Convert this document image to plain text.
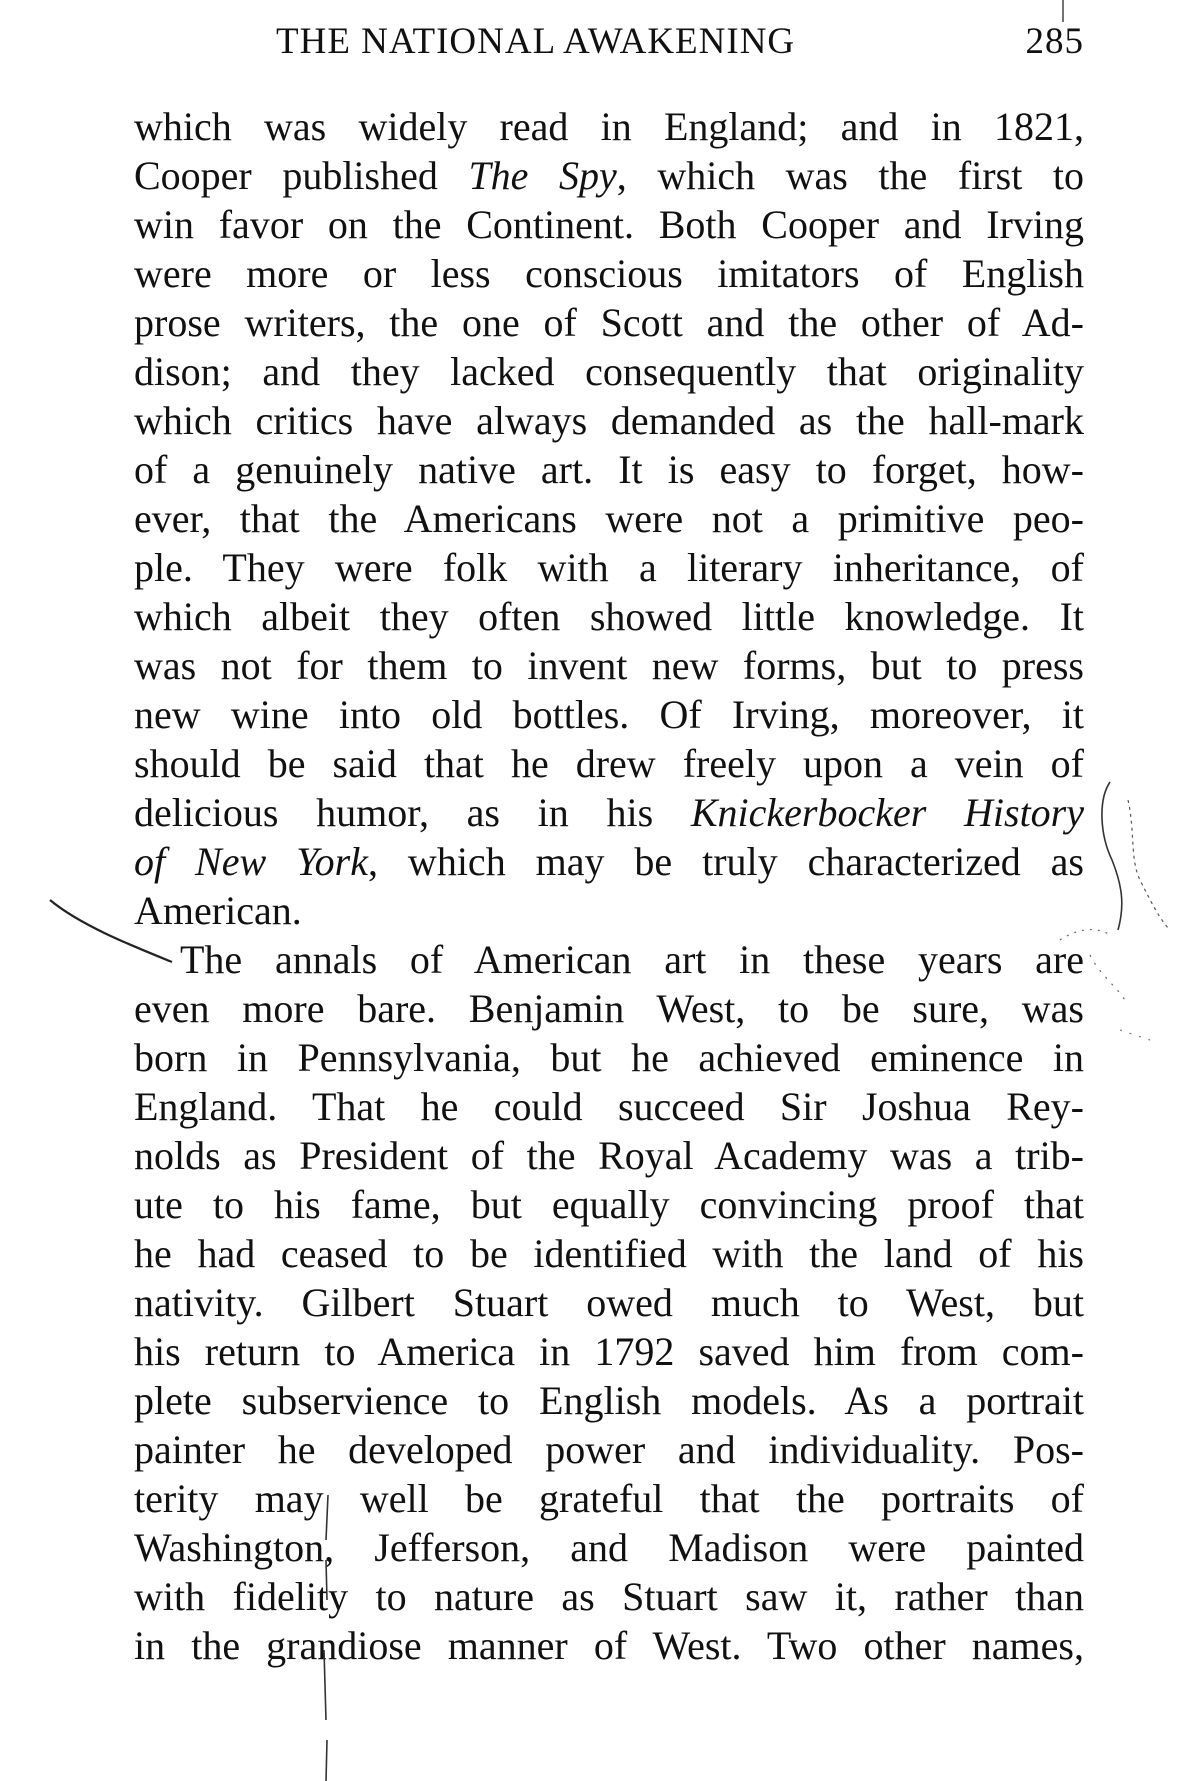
THE NATIONAL AWAKENING	285
which was widely read in England; and in 1821,
Cooper published The Spy, which was the first to
win favor on the Continent. Both Cooper and Irving
were more or less conscious imitators of English
prose writers, the one of Scott and the other of Ad-
dison; and they lacked consequently that originality
which critics have always demanded as the hall-mark
of a genuinely native art. It is easy to forget, how-
ever, that the Americans were not a primitive peo-
ple. They were folk with a literary inheritance, of
which albeit they often showed little knowledge. It
was not for them to invent new forms, but to press
new wine into old bottles. Of Irving, moreover, it
should be said that he drew freely upon a vein of
delicious humor, as in his Knickerbocker History
of New York, which may be truly characterized as
American.
The annals of American art in these years are
even more bare. Benjamin West, to be sure, was
born in Pennsylvania, but he achieved eminence in
England. That he could succeed Sir Joshua Rey-
nolds as President of the Royal Academy was a trib-
ute to his fame, but equally convincing proof that
he had ceased to be identified with the land of his
nativity. Gilbert Stuart owed much to West, but
his return to America in 1792 saved him from com-
plete subservience to English models. As a portrait
painter he developed power and individuality. Pos-
terity may well be grateful that the portraits of
Washington, Jefferson, and Madison were painted
with fidelity to nature as Stuart saw it, rather than
in the grandiose manner of West. Two other names,
